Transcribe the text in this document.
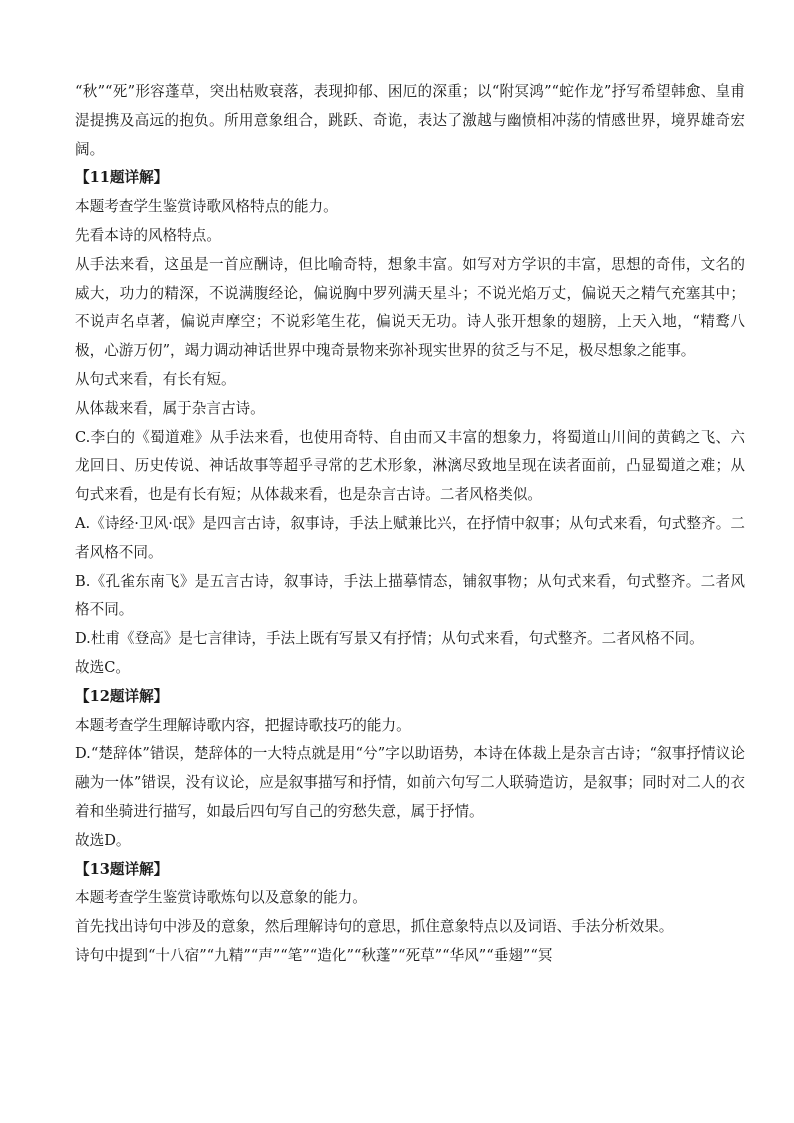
“秋”“死”形容蓬草，突出枯败衰落，表现抑郁、困厄的深重；以“附冥鸿”“蛇作龙”抒写希望韩愈、皇甫湜提携及高远的抱负。所用意象组合，跳跃、奇诡，表达了激越与幽愤相冲荡的情感世界，境界雄奇宏阔。

【11题详解】

本题考查学生鉴赏诗歌风格特点的能力。

先看本诗的风格特点。

从手法来看，这虽是一首应酬诗，但比喻奇特，想象丰富。如写对方学识的丰富，思想的奇伟，文名的威大，功力的精深，不说满腹经论，偏说胸中罗列满天星斗；不说光焰万丈，偏说天之精气充塞其中；不说声名卓著，偏说声摩空；不说彩笔生花，偏说天无功。诗人张开想象的翅膀，上天入地，“精鹜八极，心游万仞”，竭力调动神话世界中瑰奇景物来弥补现实世界的贫乏与不足，极尽想象之能事。

从句式来看，有长有短。

从体裁来看，属于杂言古诗。

C.李白的《蜀道难》从手法来看，也使用奇特、自由而又丰富的想象力，将蜀道山川间的黄鹤之飞、六龙回日、历史传说、神话故事等超乎寻常的艺术形象，淋漓尽致地呈现在读者面前，凸显蜀道之难；从句式来看，也是有长有短；从体裁来看，也是杂言古诗。二者风格类似。

A.《诗经·卫风·氓》是四言古诗，叙事诗，手法上赋兼比兴，在抒情中叙事；从句式来看，句式整齐。二者风格不同。

B.《孔雀东南飞》是五言古诗，叙事诗，手法上描摹情态，铺叙事物；从句式来看，句式整齐。二者风格不同。

D.杜甫《登高》是七言律诗，手法上既有写景又有抒情；从句式来看，句式整齐。二者风格不同。

故选C。

【12题详解】

本题考查学生理解诗歌内容，把握诗歌技巧的能力。

D.“楚辞体”错误，楚辞体的一大特点就是用“兮”字以助语势，本诗在体裁上是杂言古诗；“叙事抒情议论融为一体”错误，没有议论，应是叙事描写和抒情，如前六句写二人联骑造访，是叙事；同时对二人的衣着和坐骑进行描写，如最后四句写自己的穷愁失意，属于抒情。

故选D。

【13题详解】

本题考查学生鉴赏诗歌炼句以及意象的能力。

首先找出诗句中涉及的意象，然后理解诗句的意思，抓住意象特点以及词语、手法分析效果。

诗句中提到“十八宿”“九精”“声”“笔”“造化”“秋蓬”“死草”“华风”“垂翅”“冥
